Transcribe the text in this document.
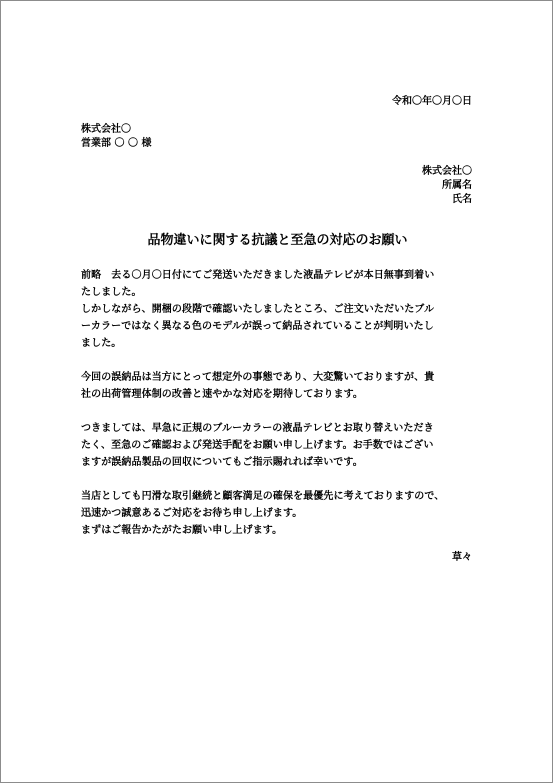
令和〇年〇月〇日
株式会社〇
営業部 〇 〇 様
株式会社〇
所属名
氏名
品物違いに関する抗議と至急の対応のお願い
前略　去る〇月〇日付にてご発送いただきました液晶テレビが本日無事到着い
たしました。
しかしながら、開梱の段階で確認いたしましたところ、ご注文いただいたブル
ーカラーではなく異なる色のモデルが誤って納品されていることが判明いたし
ました。
今回の誤納品は当方にとって想定外の事態であり、大変驚いておりますが、貴
社の出荷管理体制の改善と速やかな対応を期待しております。
つきましては、早急に正規のブルーカラーの液晶テレビとお取り替えいただき
たく、至急のご確認および発送手配をお願い申し上げます。お手数ではござい
ますが誤納品製品の回収についてもご指示賜れれば幸いです。
当店としても円滑な取引継続と顧客満足の確保を最優先に考えておりますので、
迅速かつ誠意あるご対応をお待ち申し上げます。
まずはご報告かたがたお願い申し上げます。
草々
